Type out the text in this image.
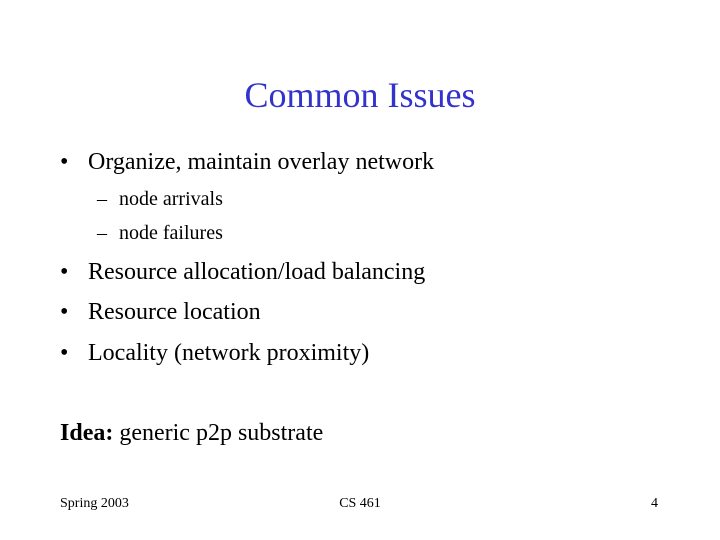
Common Issues
• Organize, maintain overlay network
– node arrivals
– node failures
• Resource allocation/load balancing
• Resource location
• Locality (network proximity)
Idea: generic p2p substrate
Spring 2003	CS 461	4
